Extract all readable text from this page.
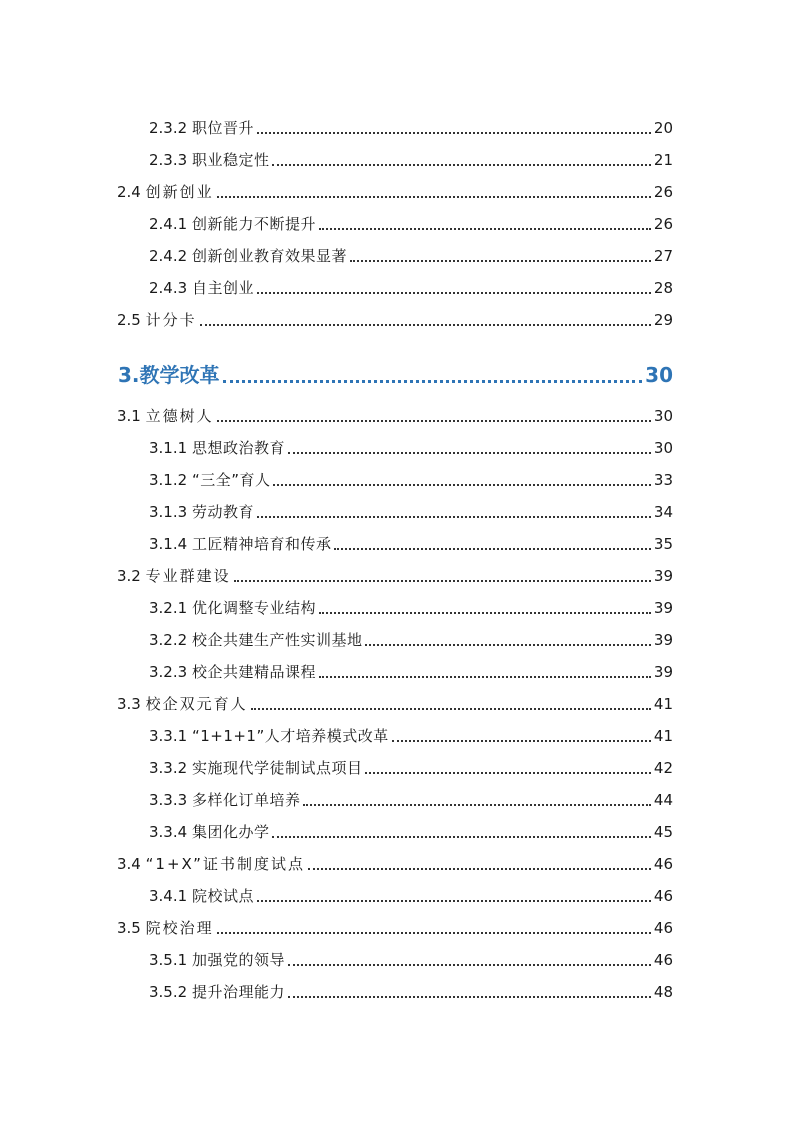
2.3.2 职位晋升	20
2.3.3 职业稳定性	21
2.4 创新创业	26
2.4.1 创新能力不断提升	26
2.4.2 创新创业教育效果显著	27
2.4.3 自主创业	28
2.5 计分卡	29
3. 教学改革	30
3.1 立德树人	30
3.1.1 思想政治教育	30
3.1.2 “三全”育人	33
3.1.3 劳动教育	34
3.1.4 工匠精神培育和传承	35
3.2 专业群建设	39
3.2.1 优化调整专业结构	39
3.2.2 校企共建生产性实训基地	39
3.2.3 校企共建精品课程	39
3.3 校企双元育人	41
3.3.1 “1+1+1”人才培养模式改革	41
3.3.2 实施现代学徒制试点项目	42
3.3.3 多样化订单培养	44
3.3.4 集团化办学	45
3.4 “1+X”证书制度试点	46
3.4.1 院校试点	46
3.5 院校治理	46
3.5.1 加强党的领导	46
3.5.2 提升治理能力	48
